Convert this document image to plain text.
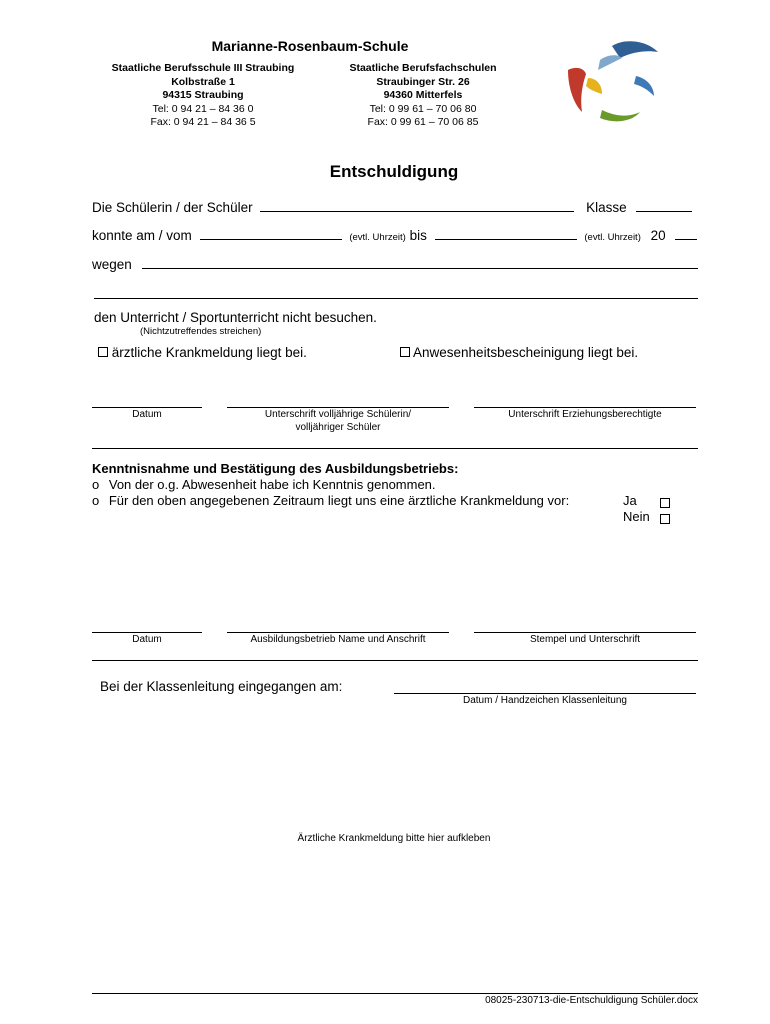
Marianne-Rosenbaum-Schule
Staatliche Berufsschule III Straubing
Kolbstraße 1
94315 Straubing
Tel: 0 94 21 – 84 36 0
Fax: 0 94 21 – 84 36 5
Staatliche Berufsfachschulen
Straubinger Str. 26
94360 Mitterfels
Tel: 0 99 61 – 70 06 80
Fax: 0 99 61 – 70 06 85
Entschuldigung
Die Schülerin / der Schüler	Klasse
konnte am / vom	(evtl. Uhrzeit) bis	(evtl. Uhrzeit) 20
wegen
den Unterricht / Sportunterricht nicht besuchen.
(Nichtzutreffendes streichen)
ärztliche Krankmeldung liegt bei.	Anwesenheitsbescheinigung liegt bei.
Datum	Unterschrift volljährige Schülerin/
volljähriger Schüler
Unterschrift Erziehungsberechtigte
Kenntnisnahme und Bestätigung des Ausbildungsbetriebs:
o Von der o.g. Abwesenheit habe ich Kenntnis genommen.
o Für den oben angegebenen Zeitraum liegt uns eine ärztliche Krankmeldung vor:	Ja
Nein
Datum	Ausbildungsbetrieb Name und Anschrift	Stempel und Unterschrift
Bei der Klassenleitung eingegangen am:
Datum / Handzeichen Klassenleitung
Ärztliche Krankmeldung bitte hier aufkleben
08025-230713-die-Entschuldigung Schüler.docx
